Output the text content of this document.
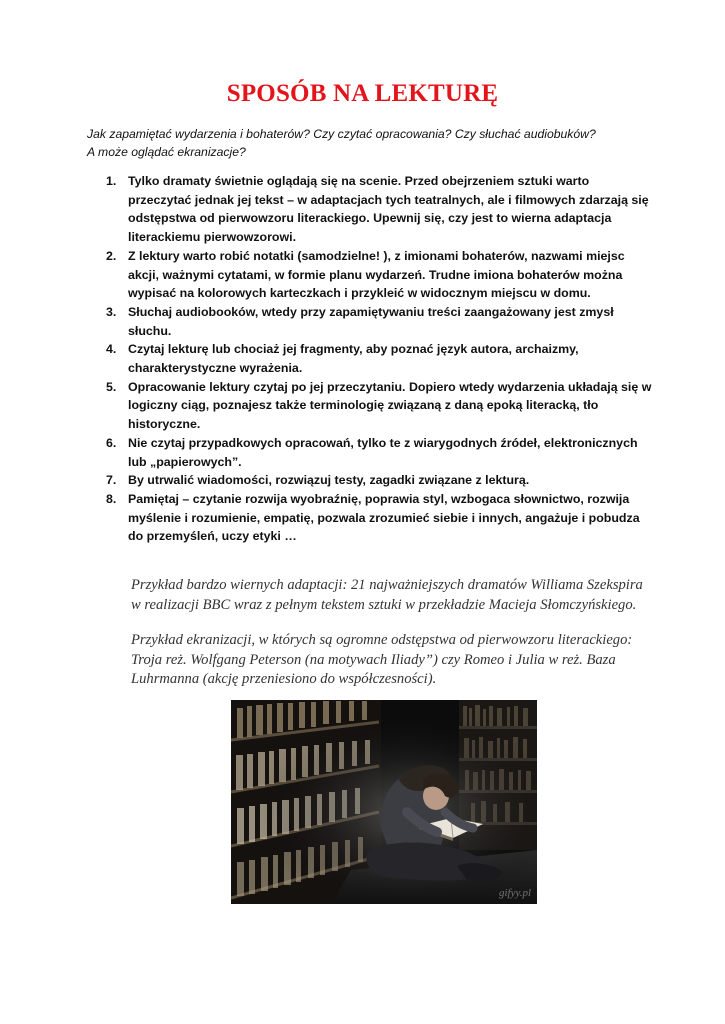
SPOSÓB NA LEKTURĘ
Jak zapamiętać wydarzenia i bohaterów? Czy czytać opracowania? Czy słuchać audiobuków?
A może oglądać ekranizacje?
1. Tylko dramaty świetnie oglądają się na scenie. Przed obejrzeniem sztuki warto przeczytać jednak jej tekst – w adaptacjach tych teatralnych, ale i filmowych zdarzają się odstępstwa od pierwowzoru literackiego. Upewnij się, czy jest to wierna adaptacja literackiemu pierwowzorowi.
2. Z lektury warto robić notatki (samodzielne! ), z imionami bohaterów, nazwami miejsc akcji, ważnymi cytatami, w formie planu wydarzeń. Trudne imiona bohaterów można wypisać na kolorowych karteczkach i przykleić w widocznym miejscu w domu.
3. Słuchaj audiobooków, wtedy przy zapamiętywaniu treści zaangażowany jest zmysł słuchu.
4. Czytaj lekturę lub chociaż jej fragmenty, aby poznać język autora, archaizmy, charakterystyczne wyrażenia.
5. Opracowanie lektury czytaj po jej przeczytaniu. Dopiero wtedy wydarzenia układają się w logiczny ciąg, poznajesz także terminologię związaną z daną epoką literacką, tło historyczne.
6. Nie czytaj przypadkowych opracowań, tylko te z wiarygodnych źródeł, elektronicznych lub „papierowych”.
7. By utrwalić wiadomości, rozwiązuj testy, zagadki związane z lekturą.
8. Pamiętaj – czytanie rozwija wyobraźnię, poprawia styl, wzbogaca słownictwo, rozwija myślenie i rozumienie, empatię, pozwala zrozumieć siebie i innych, angażuje i pobudza do przemyśleń, uczy etyki …
Przykład bardzo wiernych adaptacji: 21 najważniejszych dramatów Williama Szekspira w realizacji BBC wraz z pełnym tekstem sztuki w przekładzie Macieja Słomczyńskiego.
Przykład ekranizacji, w których są ogromne odstępstwa od pierwowzoru literackiego: Troja reż. Wolfgang Peterson (na motywach Iliady”) czy Romeo i Julia w reż. Baza Luhrmanna (akcję przeniesiono do współczesności).
gifyy.pl
